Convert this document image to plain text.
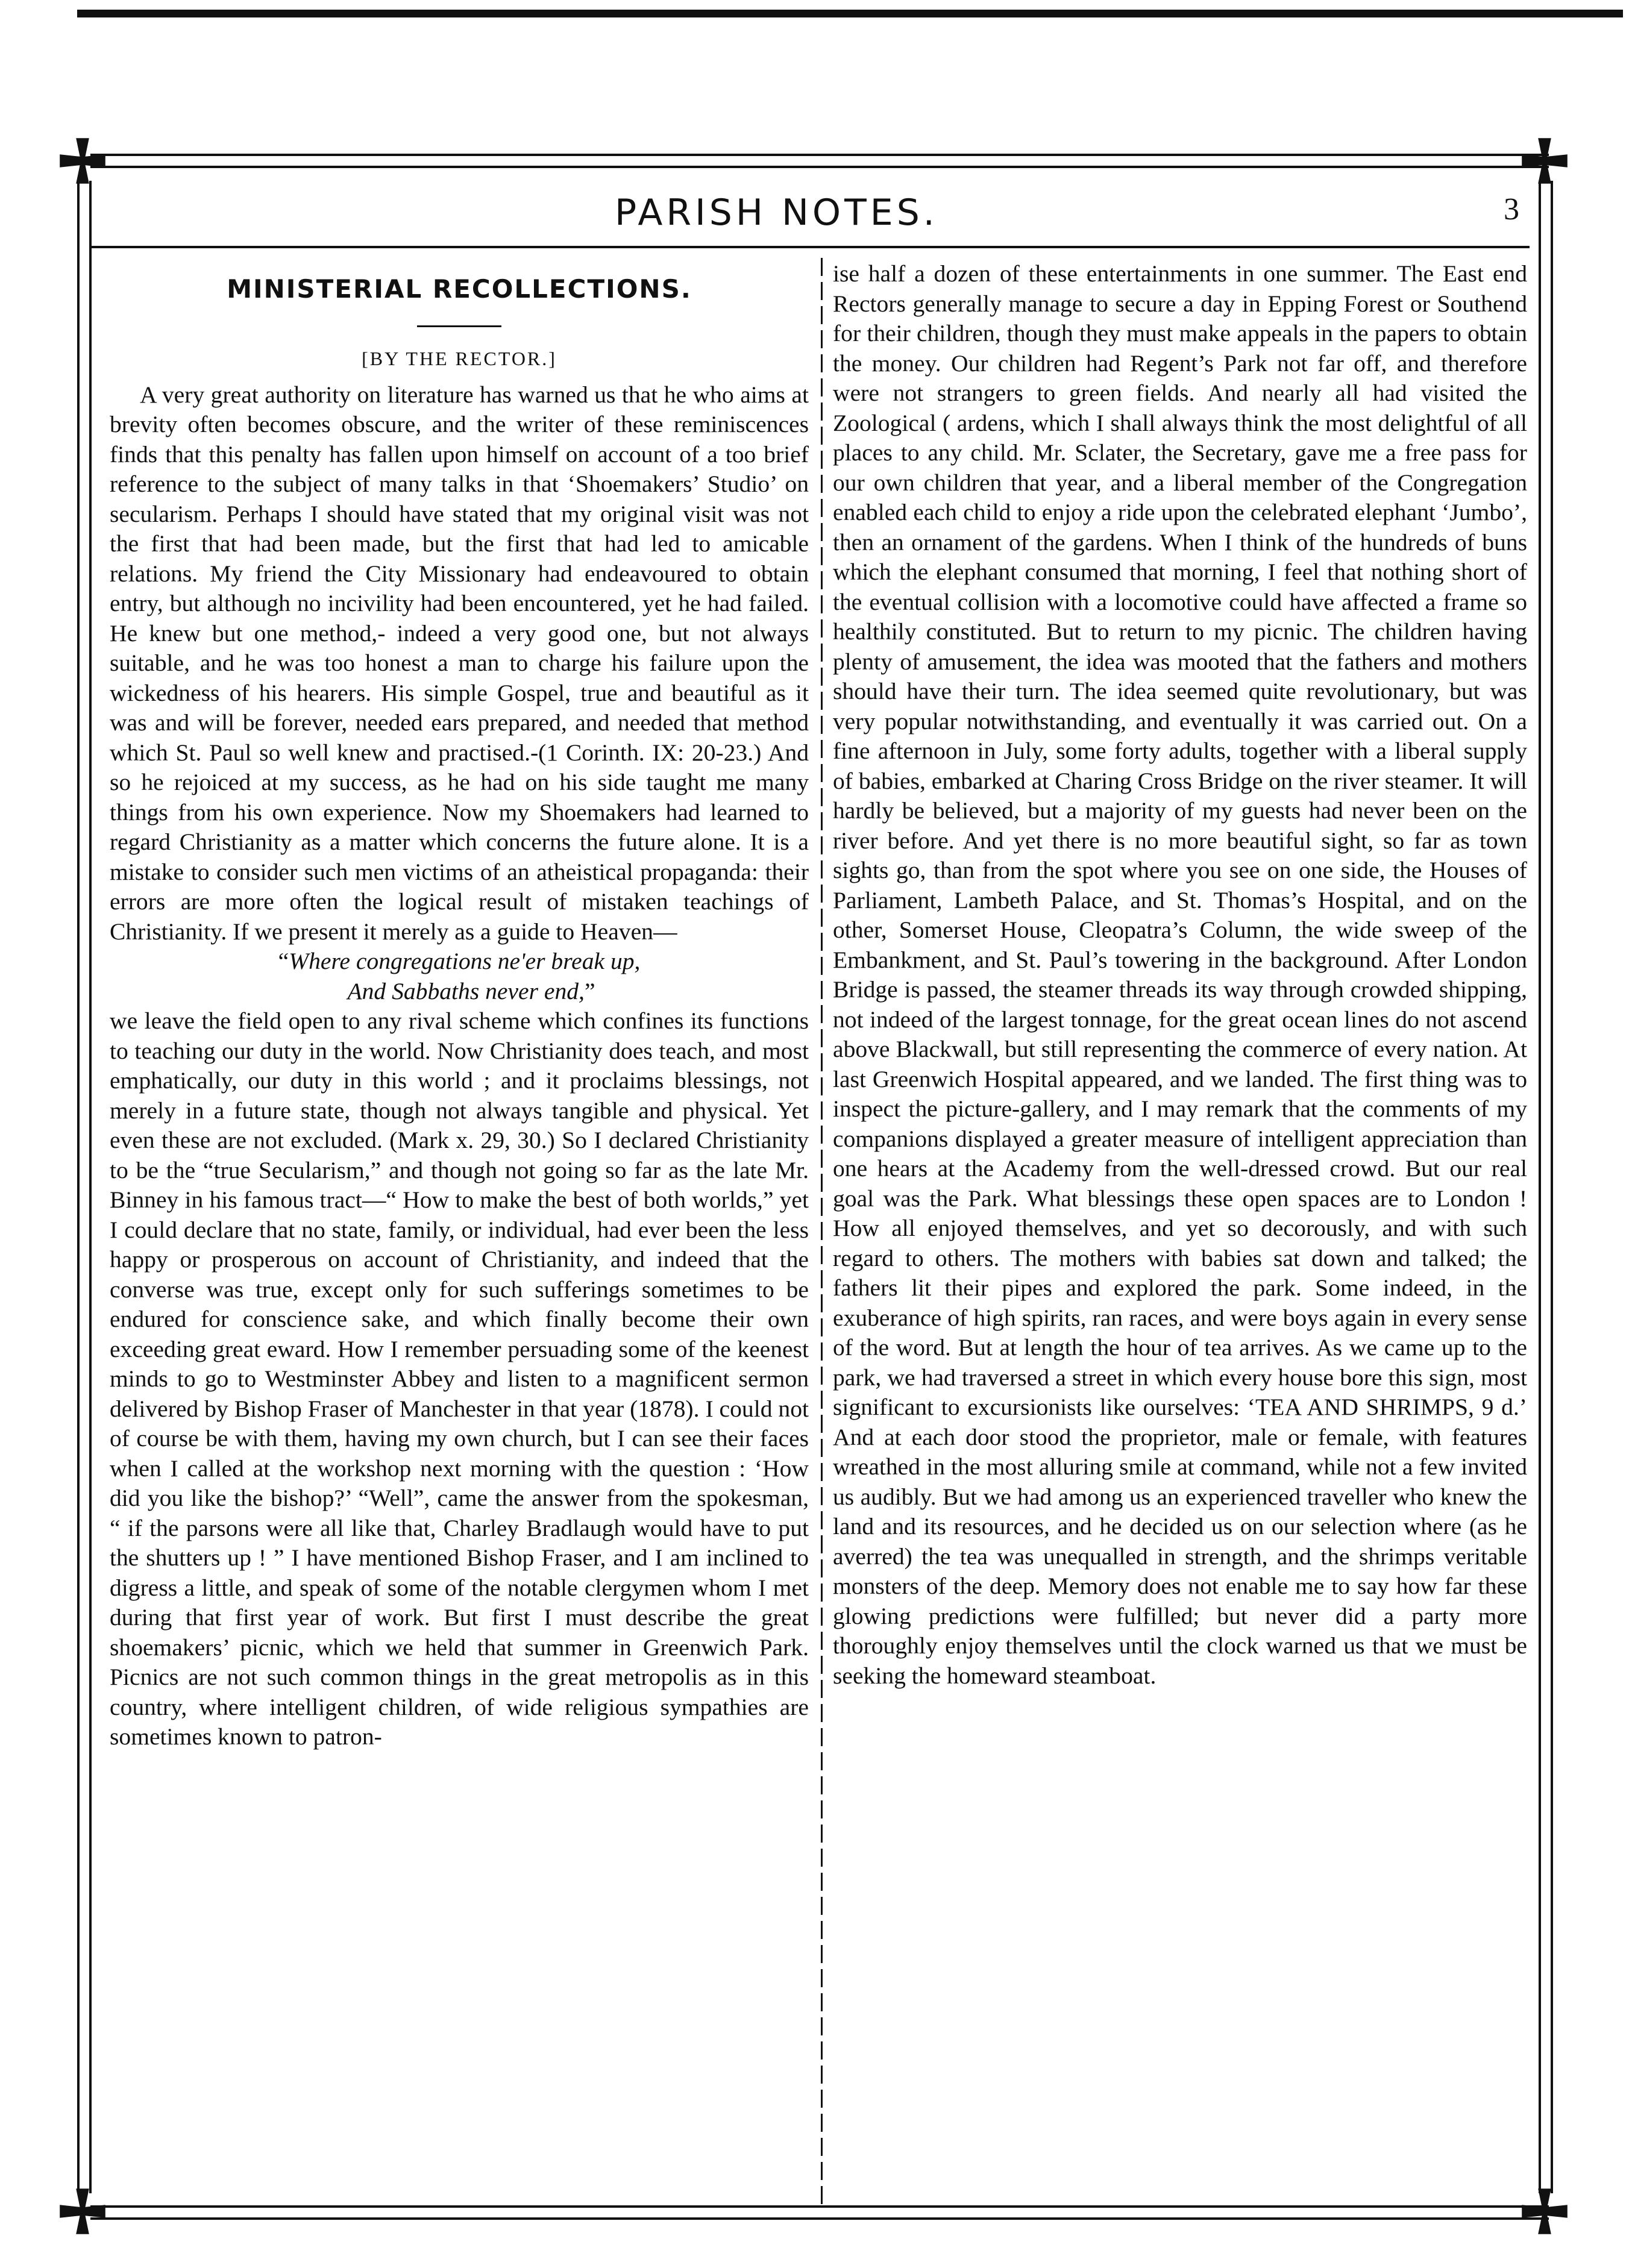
PARISH NOTES.	3
MINISTERIAL RECOLLECTIONS.
[BY THE RECTOR.]

A very great authority on literature has warned us that he who aims at brevity often becomes obscure, and the writer of these reminiscences finds that this penalty has fallen upon himself on account of a too brief reference to the subject of many talks in that ‘Shoemakers’ Studio’ on secularism. Perhaps I should have stated that my original visit was not the first that had been made, but the first that had led to amicable relations. My friend the City Missionary had endeavoured to obtain entry, but although no incivility had been encountered, yet he had failed. He knew but one method,- indeed a very good one, but not always suitable, and he was too honest a man to charge his failure upon the wickedness of his hearers. His simple Gospel, true and beautiful as it was and will be forever, needed ears prepared, and needed that method which St. Paul so well knew and practised.-(1 Corinth. IX: 20-23.) And so he rejoiced at my success, as he had on his side taught me many things from his own experience. Now my Shoemakers had learned to regard Christianity as a matter which concerns the future alone. It is a mistake to consider such men victims of an atheistical propaganda: their errors are more often the logical result of mistaken teachings of Christianity. If we present it merely as a guide to Heaven—

“Where congregations ne'er break up,

And Sabbaths never end,”

we leave the field open to any rival scheme which confines its functions to teaching our duty in the world. Now Christianity does teach, and most emphatically, our duty in this world ; and it proclaims blessings, not merely in a future state, though not always tangible and physical. Yet even these are not excluded. (Mark x. 29, 30.) So I declared Christianity to be the “true Secularism,” and though not going so far as the late Mr. Binney in his famous tract—“ How to make the best of both worlds,” yet I could declare that no state, family, or individual, had ever been the less happy or prosperous on account of Christianity, and indeed that the converse was true, except only for such sufferings sometimes to be endured for conscience sake, and which finally become their own exceeding great eward. How I remember persuading some of the keenest minds to go to Westminster Abbey and listen to a magnificent sermon delivered by Bishop Fraser of Manchester in that year (1878). I could not of course be with them, having my own church, but I can see their faces when I called at the workshop next morning with the question : ‘How did you like the bishop?’ “Well”, came the answer from the spokesman, “ if the parsons were all like that, Charley Bradlaugh would have to put the shutters up ! ” I have mentioned Bishop Fraser, and I am inclined to digress a little, and speak of some of the notable clergymen whom I met during that first year of work. But first I must describe the great shoemakers’ picnic, which we held that summer in Greenwich Park. Picnics are not such common things in the great metropolis as in this country, where intelligent children, of wide religious sympathies are sometimes known to patron-

ise half a dozen of these entertainments in one summer. The East end Rectors generally manage to secure a day in Epping Forest or Southend for their children, though they must make appeals in the papers to obtain the money. Our children had Regent’s Park not far off, and therefore were not strangers to green fields. And nearly all had visited the Zoological ( ardens, which I shall always think the most delightful of all places to any child. Mr. Sclater, the Secretary, gave me a free pass for our own children that year, and a liberal member of the Congregation enabled each child to enjoy a ride upon the celebrated elephant ‘Jumbo’, then an ornament of the gardens. When I think of the hundreds of buns which the elephant consumed that morning, I feel that nothing short of the eventual collision with a locomotive could have affected a frame so healthily constituted. But to return to my picnic. The children having plenty of amusement, the idea was mooted that the fathers and mothers should have their turn. The idea seemed quite revolutionary, but was very popular notwithstanding, and eventually it was carried out. On a fine afternoon in July, some forty adults, together with a liberal supply of babies, embarked at Charing Cross Bridge on the river steamer. It will hardly be believed, but a majority of my guests had never been on the river before. And yet there is no more beautiful sight, so far as town sights go, than from the spot where you see on one side, the Houses of Parliament, Lambeth Palace, and St. Thomas’s Hospital, and on the other, Somerset House, Cleopatra’s Column, the wide sweep of the Embankment, and St. Paul’s towering in the background. After London Bridge is passed, the steamer threads its way through crowded shipping, not indeed of the largest tonnage, for the great ocean lines do not ascend above Blackwall, but still representing the commerce of every nation. At last Greenwich Hospital appeared, and we landed. The first thing was to inspect the picture-gallery, and I may remark that the comments of my companions displayed a greater measure of intelligent appreciation than one hears at the Academy from the well-dressed crowd. But our real goal was the Park. What blessings these open spaces are to London ! How all enjoyed themselves, and yet so decorously, and with such regard to others. The mothers with babies sat down and talked; the fathers lit their pipes and explored the park. Some indeed, in the exuberance of high spirits, ran races, and were boys again in every sense of the word. But at length the hour of tea arrives. As we came up to the park, we had traversed a street in which every house bore this sign, most significant to excursionists like ourselves: ‘TEA AND SHRIMPS, 9 d.’ And at each door stood the proprietor, male or female, with features wreathed in the most alluring smile at command, while not a few invited us audibly. But we had among us an experienced traveller who knew the land and its resources, and he decided us on our selection where (as he averred) the tea was unequalled in strength, and the shrimps veritable monsters of the deep. Memory does not enable me to say how far these glowing predictions were fulfilled; but never did a party more thoroughly enjoy themselves until the clock warned us that we must be seeking the homeward steamboat.
